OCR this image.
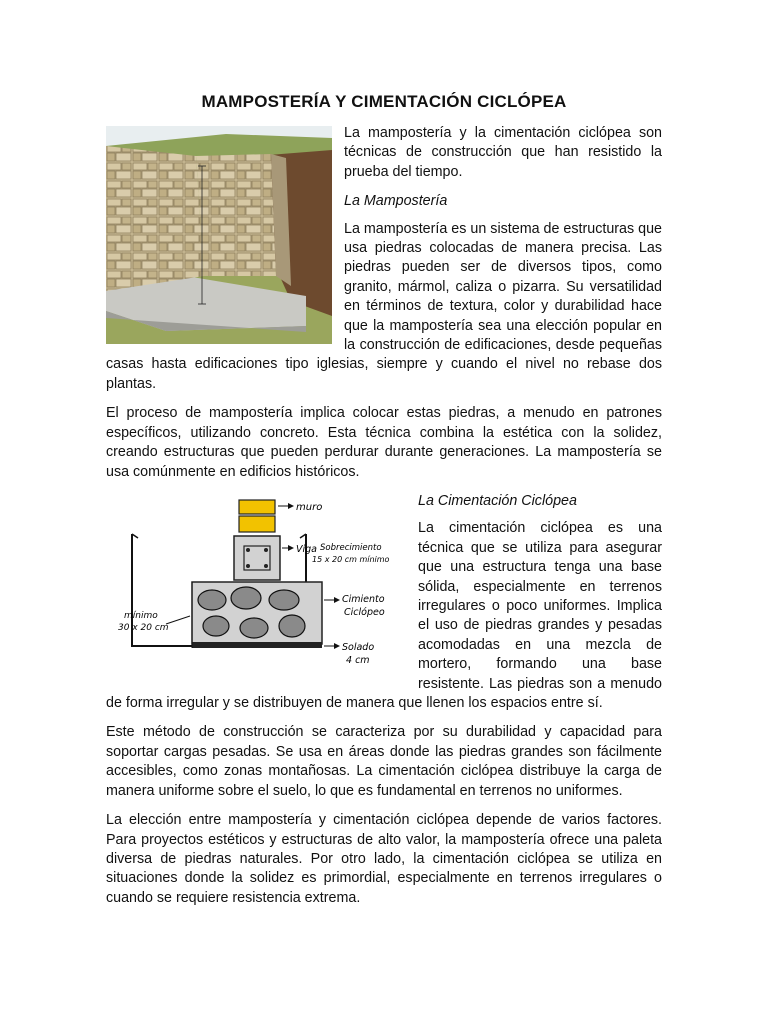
MAMPOSTERÍA Y CIMENTACIÓN CICLÓPEA

La mampostería y la cimentación ciclópea son técnicas de construcción que han resistido la prueba del tiempo.

La Mampostería

La mampostería es un sistema de estructuras que usa piedras colocadas de manera precisa. Las piedras pueden ser de diversos tipos, como granito, mármol, caliza o pizarra. Su versatilidad en términos de textura, color y durabilidad hace que la mampostería sea una elección popular en la construcción de edificaciones, desde pequeñas casas hasta edificaciones tipo iglesias, siempre y cuando el nivel no rebase dos plantas.

El proceso de mampostería implica colocar estas piedras, a menudo en patrones específicos, utilizando concreto. Esta técnica combina la estética con la solidez, creando estructuras que pueden perdurar durante generaciones. La mampostería se usa comúnmente en edificios históricos.

muro
Viga Sobrecimiento
15 x 20 cm mínimo
Cimiento
Ciclópeo
mínimo
30 x 20 cm
Solado
4 cm

La Cimentación Ciclópea

La cimentación ciclópea es una técnica que se utiliza para asegurar que una estructura tenga una base sólida, especialmente en terrenos irregulares o poco uniformes. Implica el uso de piedras grandes y pesadas acomodadas en una mezcla de mortero, formando una base resistente. Las piedras son a menudo de forma irregular y se distribuyen de manera que llenen los espacios entre sí.

Este método de construcción se caracteriza por su durabilidad y capacidad para soportar cargas pesadas. Se usa en áreas donde las piedras grandes son fácilmente accesibles, como zonas montañosas. La cimentación ciclópea distribuye la carga de manera uniforme sobre el suelo, lo que es fundamental en terrenos no uniformes.

La elección entre mampostería y cimentación ciclópea depende de varios factores. Para proyectos estéticos y estructuras de alto valor, la mampostería ofrece una paleta diversa de piedras naturales. Por otro lado, la cimentación ciclópea se utiliza en situaciones donde la solidez es primordial, especialmente en terrenos irregulares o cuando se requiere resistencia extrema.
